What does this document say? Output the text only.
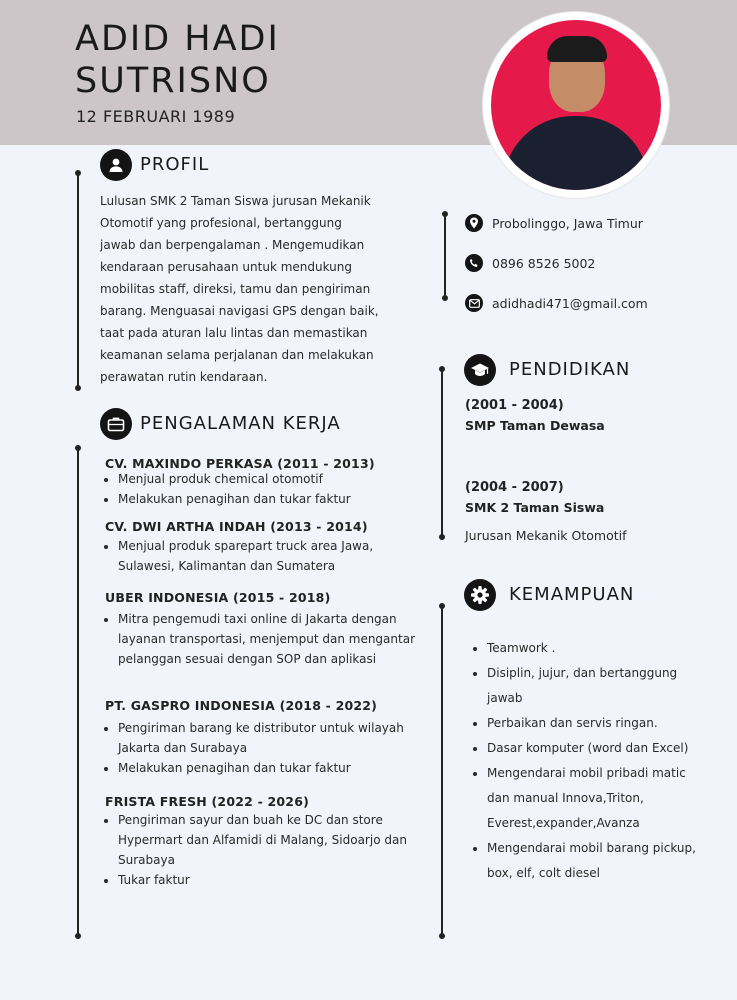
ADID HADI
SUTRISNO
12 FEBRUARI 1989
PROFIL
Lulusan SMK 2 Taman Siswa jurusan Mekanik
Otomotif yang profesional, bertanggung
jawab dan berpengalaman . Mengemudikan
kendaraan perusahaan untuk mendukung
mobilitas staff, direksi, tamu dan pengiriman
barang. Menguasai navigasi GPS dengan baik,
taat pada aturan lalu lintas dan memastikan
keamanan selama perjalanan dan melakukan
perawatan rutin kendaraan.
Probolinggo, Jawa Timur
0896 8526 5002
adidhadi471@gmail.com
PENGALAMAN KERJA
CV. MAXINDO PERKASA (2011 - 2013)
• Menjual produk chemical otomotif
• Melakukan penagihan dan tukar faktur
CV. DWI ARTHA INDAH (2013 - 2014)
• Menjual produk sparepart truck area Jawa, Sulawesi, Kalimantan dan Sumatera
UBER INDONESIA (2015 - 2018)
• Mitra pengemudi taxi online di Jakarta dengan layanan transportasi, menjemput dan mengantar pelanggan sesuai dengan SOP dan aplikasi
PT. GASPRO INDONESIA (2018 - 2022)
• Pengiriman barang ke distributor untuk wilayah Jakarta dan Surabaya
• Melakukan penagihan dan tukar faktur
FRISTA FRESH (2022 - 2026)
• Pengiriman sayur dan buah ke DC dan store Hypermart dan Alfamidi di Malang, Sidoarjo dan Surabaya
• Tukar faktur
PENDIDIKAN
(2001 - 2004)
SMP Taman Dewasa
(2004 - 2007)
SMK 2 Taman Siswa
Jurusan Mekanik Otomotif
KEMAMPUAN
• Teamwork .
• Disiplin, jujur, dan bertanggung jawab
• Perbaikan dan servis ringan.
• Dasar komputer (word dan Excel)
• Mengendarai mobil pribadi matic dan manual Innova,Triton, Everest,expander,Avanza
• Mengendarai mobil barang pickup, box, elf, colt diesel
